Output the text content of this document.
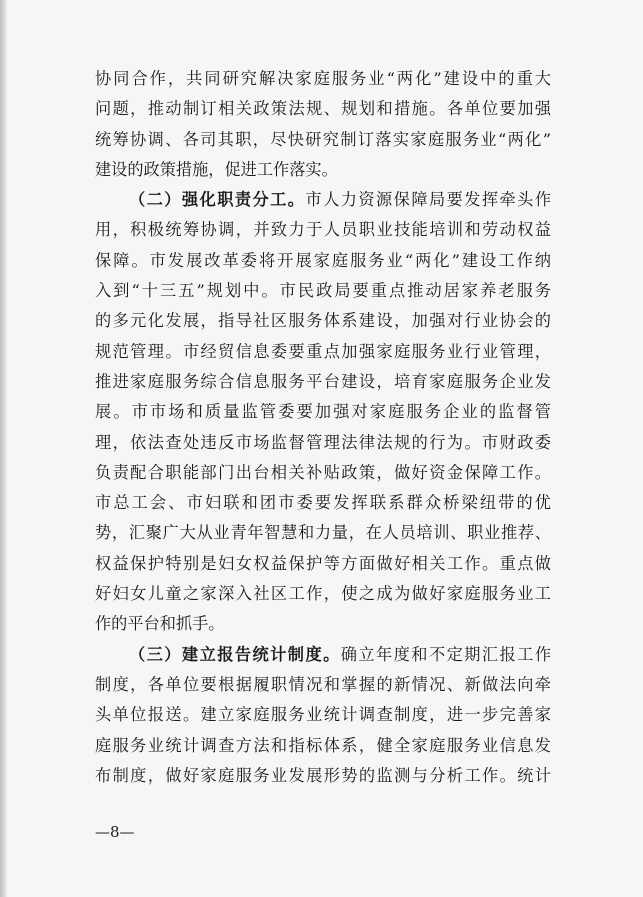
协同合作，共同研究解决家庭服务业“两化”建设中的重大
问题，推动制订相关政策法规、规划和措施。各单位要加强
统筹协调、各司其职，尽快研究制订落实家庭服务业“两化”
建设的政策措施，促进工作落实。
（二）强化职责分工。市人力资源保障局要发挥牵头作
用，积极统筹协调，并致力于人员职业技能培训和劳动权益
保障。市发展改革委将开展家庭服务业“两化”建设工作纳
入到“十三五”规划中。市民政局要重点推动居家养老服务
的多元化发展，指导社区服务体系建设，加强对行业协会的
规范管理。市经贸信息委要重点加强家庭服务业行业管理，
推进家庭服务综合信息服务平台建设，培育家庭服务企业发
展。市市场和质量监管委要加强对家庭服务企业的监督管
理，依法查处违反市场监督管理法律法规的行为。市财政委
负责配合职能部门出台相关补贴政策，做好资金保障工作。
市总工会、市妇联和团市委要发挥联系群众桥梁纽带的优
势，汇聚广大从业青年智慧和力量，在人员培训、职业推荐、
权益保护特别是妇女权益保护等方面做好相关工作。重点做
好妇女儿童之家深入社区工作，使之成为做好家庭服务业工
作的平台和抓手。
（三）建立报告统计制度。确立年度和不定期汇报工作
制度，各单位要根据履职情况和掌握的新情况、新做法向牵
头单位报送。建立家庭服务业统计调查制度，进一步完善家
庭服务业统计调查方法和指标体系，健全家庭服务业信息发
布制度，做好家庭服务业发展形势的监测与分析工作。统计
—8—
